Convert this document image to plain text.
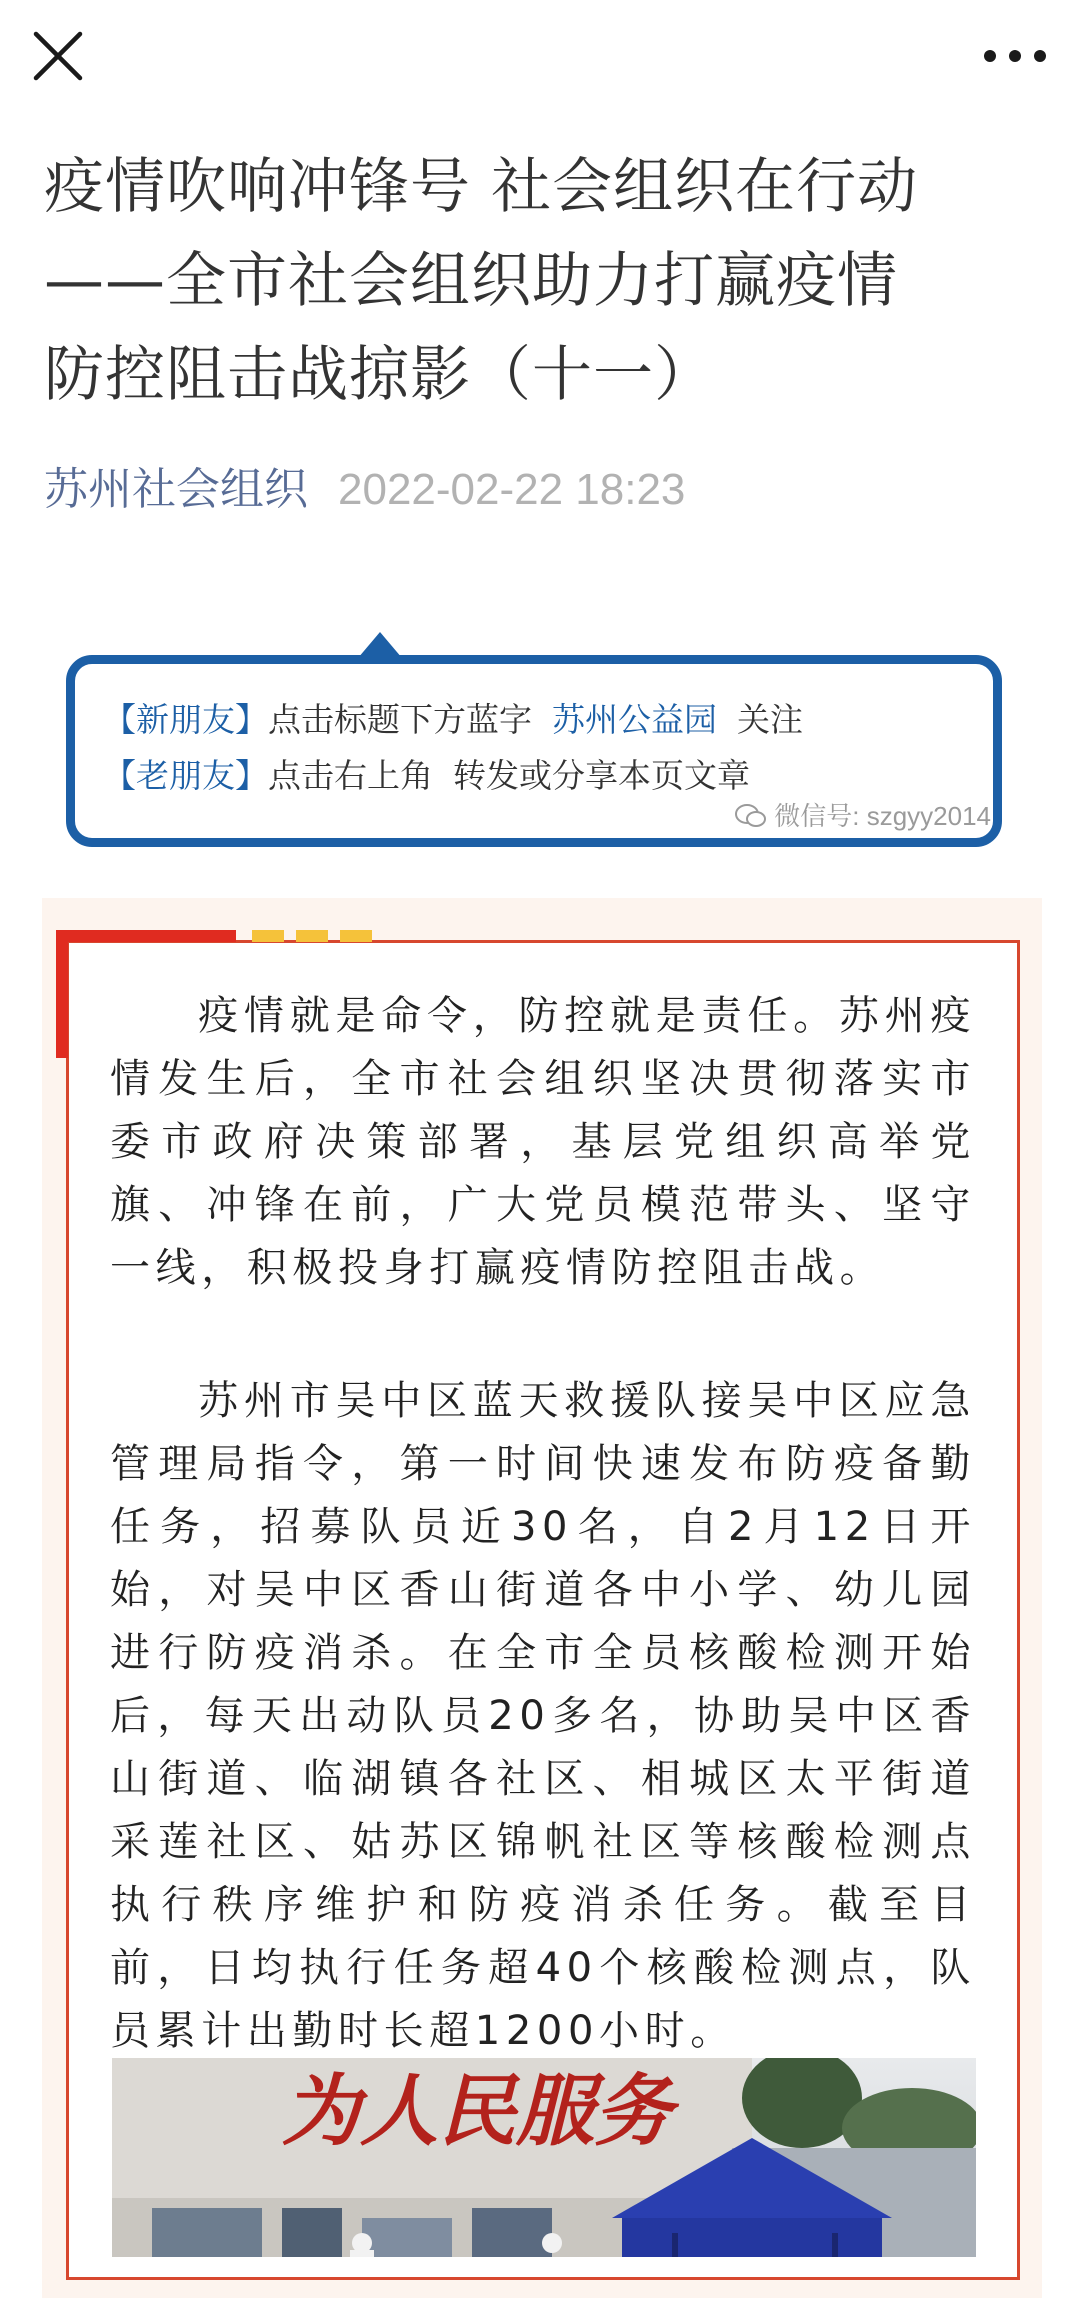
疫情吹响冲锋号 社会组织在行动
——全市社会组织助力打赢疫情
防控阻击战掠影（十一）
苏州社会组织 2022-02-22 18:23
【新朋友】点击标题下方蓝字 苏州公益园 关注
【老朋友】点击右上角 转发或分享本页文章
微信号: szgyy2014
疫情就是命令，防控就是责任。苏州疫情发生后，全市社会组织坚决贯彻落实市委市政府决策部署，基层党组织高举党旗、冲锋在前，广大党员模范带头、坚守一线，积极投身打赢疫情防控阻击战。
苏州市吴中区蓝天救援队接吴中区应急管理局指令，第一时间快速发布防疫备勤任务，招募队员近30名，自2月12日开始，对吴中区香山街道各中小学、幼儿园进行防疫消杀。在全市全员核酸检测开始后，每天出动队员20多名，协助吴中区香山街道、临湖镇各社区、相城区太平街道采莲社区、姑苏区锦帆社区等核酸检测点执行秩序维护和防疫消杀任务。截至目前，日均执行任务超40个核酸检测点，队员累计出勤时长超1200小时。
为人民服务
